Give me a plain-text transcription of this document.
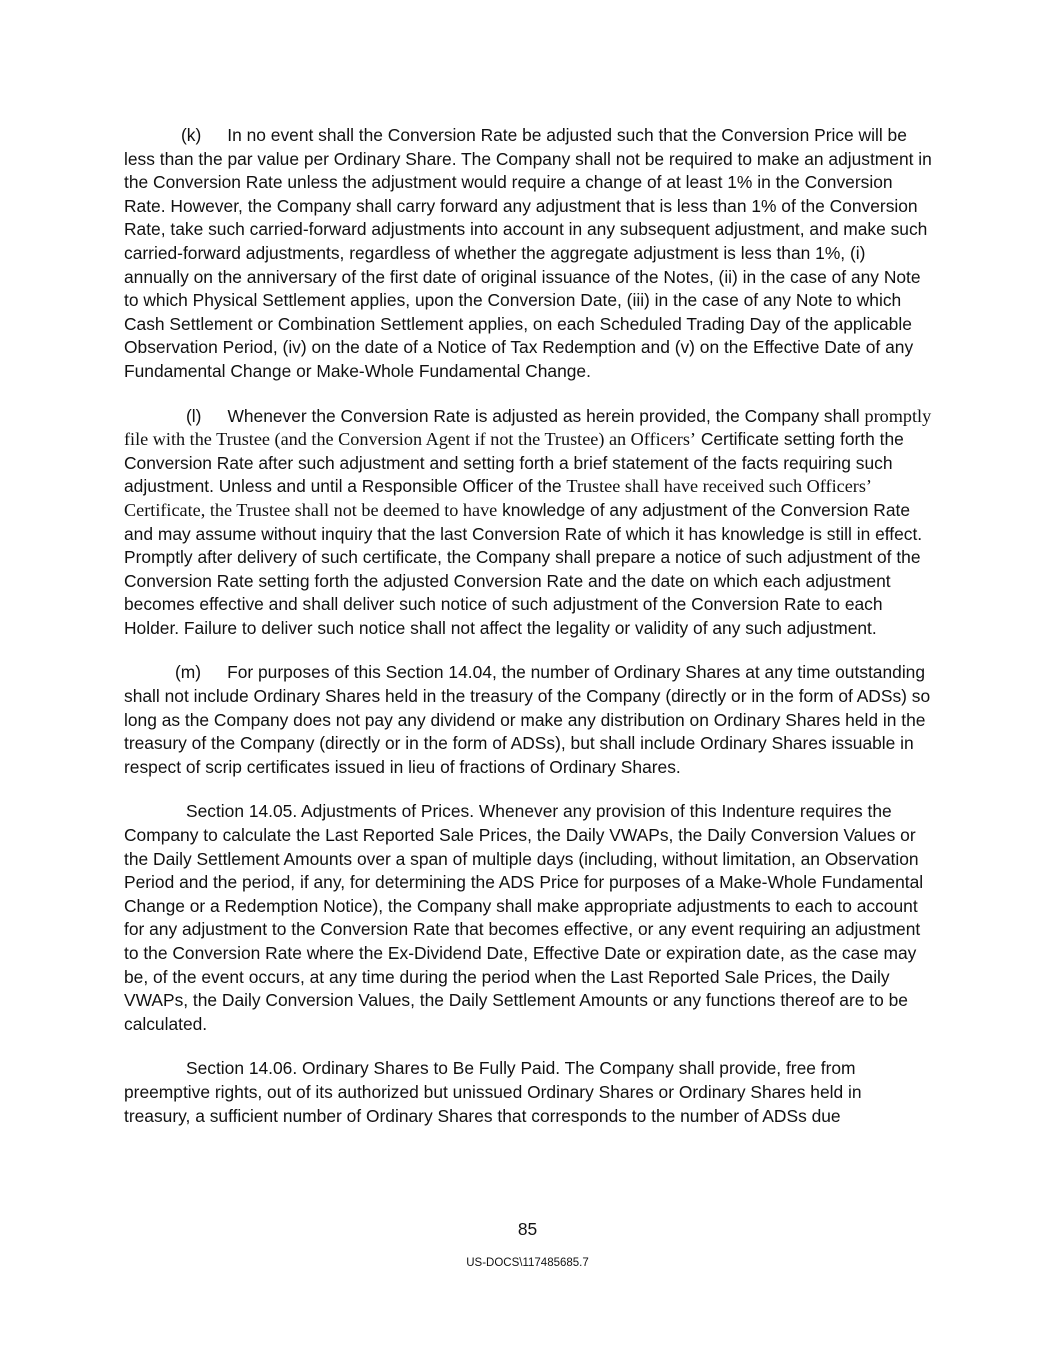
(k) In no event shall the Conversion Rate be adjusted such that the Conversion Price will be less than the par value per Ordinary Share. The Company shall not be required to make an adjustment in the Conversion Rate unless the adjustment would require a change of at least 1% in the Conversion Rate. However, the Company shall carry forward any adjustment that is less than 1% of the Conversion Rate, take such carried-forward adjustments into account in any subsequent adjustment, and make such carried-forward adjustments, regardless of whether the aggregate adjustment is less than 1%, (i) annually on the anniversary of the first date of original issuance of the Notes, (ii) in the case of any Note to which Physical Settlement applies, upon the Conversion Date, (iii) in the case of any Note to which Cash Settlement or Combination Settlement applies, on each Scheduled Trading Day of the applicable Observation Period, (iv) on the date of a Notice of Tax Redemption and (v) on the Effective Date of any Fundamental Change or Make-Whole Fundamental Change.

(l) Whenever the Conversion Rate is adjusted as herein provided, the Company shall promptly file with the Trustee (and the Conversion Agent if not the Trustee) an Officers’ Certificate setting forth the Conversion Rate after such adjustment and setting forth a brief statement of the facts requiring such adjustment. Unless and until a Responsible Officer of the Trustee shall have received such Officers’ Certificate, the Trustee shall not be deemed to have knowledge of any adjustment of the Conversion Rate and may assume without inquiry that the last Conversion Rate of which it has knowledge is still in effect. Promptly after delivery of such certificate, the Company shall prepare a notice of such adjustment of the Conversion Rate setting forth the adjusted Conversion Rate and the date on which each adjustment becomes effective and shall deliver such notice of such adjustment of the Conversion Rate to each Holder. Failure to deliver such notice shall not affect the legality or validity of any such adjustment.

(m) For purposes of this Section 14.04, the number of Ordinary Shares at any time outstanding shall not include Ordinary Shares held in the treasury of the Company (directly or in the form of ADSs) so long as the Company does not pay any dividend or make any distribution on Ordinary Shares held in the treasury of the Company (directly or in the form of ADSs), but shall include Ordinary Shares issuable in respect of scrip certificates issued in lieu of fractions of Ordinary Shares.

Section 14.05. Adjustments of Prices. Whenever any provision of this Indenture requires the Company to calculate the Last Reported Sale Prices, the Daily VWAPs, the Daily Conversion Values or the Daily Settlement Amounts over a span of multiple days (including, without limitation, an Observation Period and the period, if any, for determining the ADS Price for purposes of a Make-Whole Fundamental Change or a Redemption Notice), the Company shall make appropriate adjustments to each to account for any adjustment to the Conversion Rate that becomes effective, or any event requiring an adjustment to the Conversion Rate where the Ex-Dividend Date, Effective Date or expiration date, as the case may be, of the event occurs, at any time during the period when the Last Reported Sale Prices, the Daily VWAPs, the Daily Conversion Values, the Daily Settlement Amounts or any functions thereof are to be calculated.

Section 14.06. Ordinary Shares to Be Fully Paid. The Company shall provide, free from preemptive rights, out of its authorized but unissued Ordinary Shares or Ordinary Shares held in treasury, a sufficient number of Ordinary Shares that corresponds to the number of ADSs due

85
US-DOCS\117485685.7
